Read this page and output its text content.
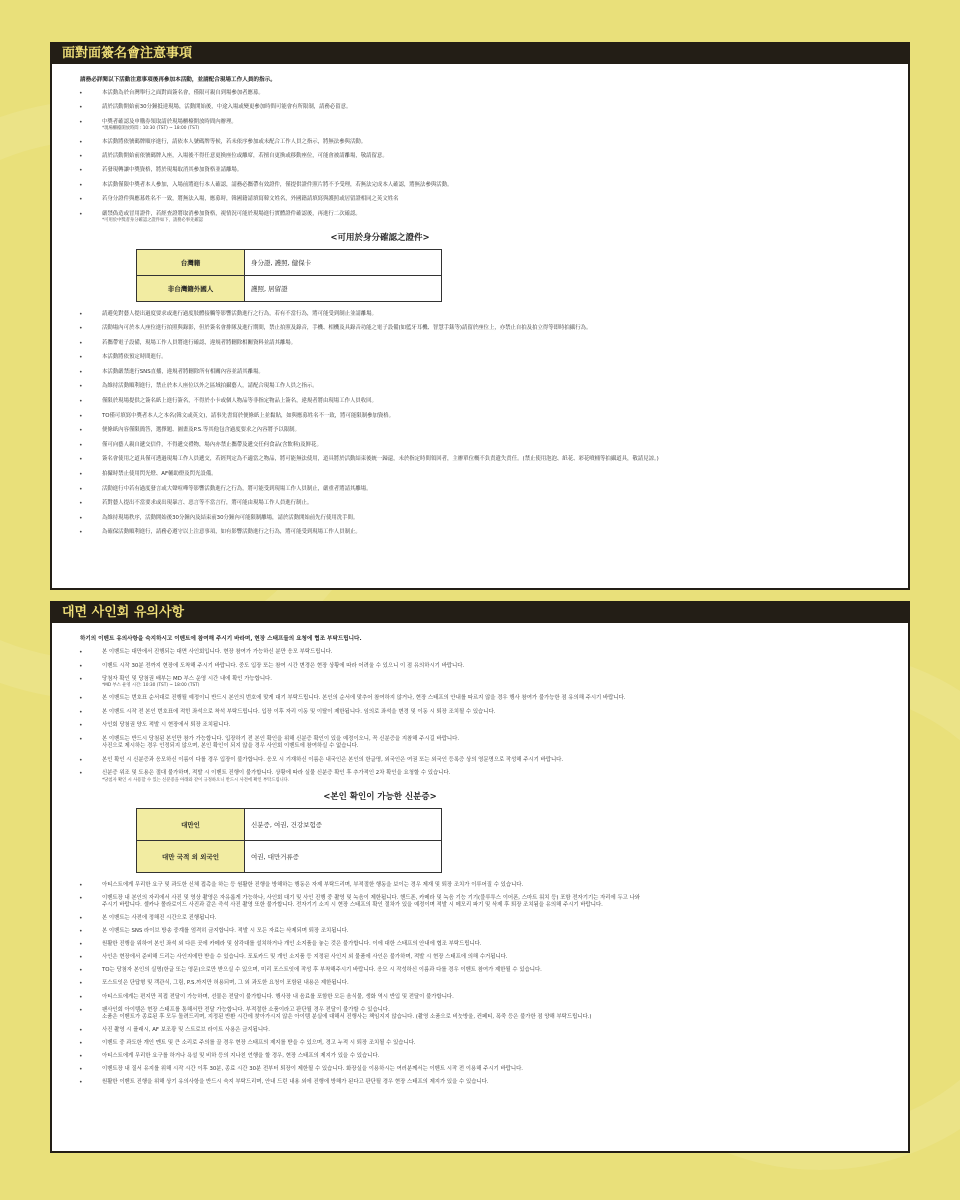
面對面簽名會注意事項

請務必詳閱以下活動注意事項後再參加本活動，並請配合現場工作人員的指示。

• 本活動為於台灣舉行之面對面簽名會，僅限可親自到場參加者應募。
• 請於活動開始前30分鐘抵達現場，活動開始後，中途入場或變更參加時間可能會有所限制，請務必留意。
• 中獎者確認及申購券領取請於現場櫃檯開放時間內辦理。
*現場櫃檯開放時間 : 10:30 (TST) ~ 18:00 (TST)
• 本活動將依號碼牌順序進行，請依本人號碼牌等候，若未依序參加或未配合工作人員之指示，將無法參與活動。
• 請於活動開始前依號碼牌入座，入場後不得任意更換座位或離席，若擅自更換或移動座位，可能會被請離場，敬請留意。
• 若發現轉讓中獎資格，將於現場取消其參加資格並請離場。
• 本活動僅限中獎者本人參加，入場前將進行本人確認，請務必攜帶有效證件，僅提供證件照片將不予受理，若無法完成本人確認，將無法參與活動。
• 若身分證件與應募姓名不一致，將無法入場，應募時，韓國籍請填寫韓文姓名，外國籍請填寫與護照或居留證相同之英文姓名
• 嚴禁偽造或冒用證件，若經查證將取消參加資格，視情況可能於現場進行實體證件確認後，再進行二次確認。
*可用於中獎者身分確認之證件如下，請務必事先確認
<可用於身分確認之證件>
台灣籍	身分證, 護照, 健保卡
非台灣籍外國人	護照, 居留證
• 請避免對藝人提出過度要求或進行過度肢體接觸等影響活動進行之行為，若有不當行為，將可能受到制止並請離場。
• 活動場內可於本人座位進行拍照與錄影，但於簽名會排隊及進行期間，禁止拍照及錄音，手機、相機及具錄音功能之電子設備(如藍牙耳機、智慧手錶等)請留於座位上，亦禁止自拍及拍立得等即時拍攝行為。
• 若攜帶電子設備，現場工作人員將進行確認，違規者將刪除相關資料並請其離場。
• 本活動將依預定時間進行。
• 本活動嚴禁進行SNS直播，違規者將刪除所有相關內容並請其離場。
• 為維持活動順利進行，禁止於本人座位以外之區域拍攝藝人，請配合現場工作人員之指示。
• 僅限於現場提供之簽名紙上進行簽名，不得於小卡或個人物品等非指定物品上簽名，違規者將由現場工作人員收回。
• TO僅可填寫中獎者本人之本名(韓文或英文)，請事先書寫於便條紙上並黏貼，如與應募姓名不一致，將可能限制參加資格。
• 便條紙內容僅限簡答，選擇題、圖畫及P.S.等其他包含過度要求之內容將予以限制。
• 僅可向藝人親自遞交信件，不得遞交禮物，場內亦禁止攜帶及遞交任何食品(含飲料)及鮮花。
• 簽名會使用之道具僅可透過現場工作人員遞交，若經判定為不適當之物品，將可能無法使用，道具將於活動結束後統一歸還，未於指定時間領回者，主辦單位概不負責遺失責任。(禁止使用泡泡、紙花、彩花噴桶等拍攝道具，敬請見諒。)
• 拍攝時禁止使用閃光燈、AF輔助燈及閃光設備。
• 活動進行中若有過度發言或大聲喧嘩等影響活動進行之行為，將可能受到現場工作人員制止，嚴重者將請其離場。
• 若對藝人提出不當要求或出現暴言、惡言等不當言行，將可能由現場工作人員進行制止。
• 為維持現場秩序，活動開始後30分鐘內及結束前30分鐘內可能限制離場，請於活動開始前先行使用洗手間。
• 為確保活動順利進行，請務必遵守以上注意事項，如有影響活動進行之行為，將可能受到現場工作人員制止。
대면 사인회 유의사항

하기의 이벤트 유의사항을 숙지하시고 이벤트에 참여해 주시기 바라며, 현장 스태프들의 요청에 협조 부탁드립니다.

• 본 이벤트는 대만에서 진행되는 대면 사인회입니다. 현장 참여가 가능하신 분만 응모 부탁드립니다.
• 이벤트 시작 30분 전까지 현장에 도착해 주시기 바랍니다. 중도 입장 또는 참여 시간 변경은 현장 상황에 따라 어려울 수 있으니 이 점 유의하시기 바랍니다.
• 당첨자 확인 및 당첨권 배부는 MD 부스 운영 시간 내에 확인 가능합니다.
*MD 부스 운영 시간: 10:30 (TST) ~ 18:00 (TST)
• 본 이벤트는 번호표 순서대로 진행될 예정이니 반드시 본인의 번호에 맞게 대기 부탁드립니다. 본인의 순서에 맞추어 참여하지 않거나, 현장 스태프의 안내를 따르지 않을 경우 행사 참여가 불가능한 점 유의해 주시기 바랍니다.
• 본 이벤트 시작 전 본인 번호표에 적힌 좌석으로 착석 부탁드립니다. 입장 이후 자리 이동 및 이탈이 제한됩니다. 임의로 좌석을 변경 및 이동 시 퇴장 조치될 수 있습니다.
• 사인회 당첨권 양도 적발 시 현장에서 퇴장 조치됩니다.
• 본 이벤트는 반드시 당첨된 본인만 참가 가능합니다. 입장하기 전 본인 확인을 위해 신분증 확인이 있을 예정이오니, 꼭 신분증을 지참해 주시길 바랍니다.
사진으로 제시하는 경우 인정되지 않으며, 본인 확인이 되지 않을 경우 사인회 이벤트에 참여하실 수 없습니다.
• 본인 확인 시 신분증과 응모하신 이름이 다를 경우 입장이 불가합니다. 응모 시 기재하신 이름은 내국인은 본인의 한글명, 외국인은 여권 또는 외국인 등록증 상의 영문명으로 작성해 주시기 바랍니다.
• 신분증 위조 및 도용은 절대 불가하며, 적발 시 이벤트 진행이 불가합니다. 상황에 따라 실물 신분증 확인 후 추가적인 2차 확인을 요청할 수 있습니다.
*당첨자 확인 시 사용할 수 있는 신분증을 아래와 같이 규정하오니 반드시 사전에 확인 부탁드립니다.
<본인 확인이 가능한 신분증>
대만인	신분증, 여권, 건강보험증
대만 국적 외 외국인	여권, 대만거류증
• 아티스트에게 무리한 요구 및 과도한 신체 접촉을 하는 등 원활한 진행을 방해하는 행동은 자제 부탁드리며, 부적절한 행동을 보이는 경우 제재 및 퇴장 조치가 이루어질 수 있습니다.
• 이벤트장 내 본인의 자리에서 사진 및 영상 촬영은 자유롭게 가능하나, 사인회 대기 및 사인 진행 중 촬영 및 녹음이 제한됩니다. 핸드폰, 카메라 및 녹음 기능 기기(블루투스 이어폰, 스마트 워치 등) 포함 전자기기는 자리에 두고 나와
주시기 바랍니다. 셀카나 폴라로이드 사진과 같은 즉석 사진 촬영 또한 불가합니다. 전자기기 소지 시 현장 스태프의 확인 절차가 있을 예정이며 적발 시 메모리 파기 및 삭제 후 퇴장 조치됨을 유의해 주시기 바랍니다.
• 본 이벤트는 사전에 정해진 시간으로 진행됩니다.
• 본 이벤트는 SNS 라이브 방송 중계를 엄격히 금지합니다. 적발 시 모든 자료는 삭제되며 퇴장 조치됩니다.
• 원활한 진행을 위하여 본인 좌석 외 다른 곳에 카메라 및 삼각대를 설치하거나 개인 소지품을 놓는 것은 불가합니다. 이에 대한 스태프의 안내에 협조 부탁드립니다.
• 사인은 현장에서 준비해 드리는 사인지에만 받을 수 있습니다. 포토카드 및 개인 소지품 등 지정된 사인지 외 물품에 사인은 불가하며, 적발 시 현장 스태프에 의해 수거됩니다.
• TO는 당첨자 본인의 실명(한글 또는 영문)으로만 받으실 수 있으며, 미리 포스트잇에 작성 후 부착해주시기 바랍니다. 응모 시 작성하신 이름과 다를 경우 이벤트 참여가 제한될 수 있습니다.
• 포스트잇은 단답형 및 객관식, 그림, P.S.까지만 허용되며, 그 외 과도한 요청이 포함된 내용은 제한됩니다.
• 아티스트에게는 편지만 직접 전달이 가능하며, 선물은 전달이 불가합니다. 행사장 내 음료를 포함한 모든 음식물, 생화 역시 반입 및 전달이 불가합니다.
• 팬사인회 아이템은 현장 스태프를 통해서만 전달 가능합니다. 부적절한 소품이라고 판단될 경우 전달이 불가할 수 있습니다.
소품은 이벤트가 종료된 후 모두 돌려드리며, 지정된 반환 시간에 찾아가시지 않은 아이템 분실에 대해서 진행사는 책임지지 않습니다. (촬영 소품으로 비눗방울, 컨페티, 폭죽 등은 불가한 점 양해 부탁드립니다.)
• 사진 촬영 시 플래시, AF 보조광 및 스트로브 라이트 사용은 금지됩니다.
• 이벤트 중 과도한 개인 멘트 및 큰 소리로 주의를 끌 경우 현장 스태프의 제지를 받을 수 있으며, 경고 누적 시 퇴장 조치될 수 있습니다.
• 아티스트에게 무리한 요구를 하거나 욕설 및 비하 등의 지나친 언행을 할 경우, 현장 스태프의 제지가 있을 수 있습니다.
• 이벤트장 내 질서 유지를 위해 시작 시간 이후 30분, 종료 시간 30분 전부터 퇴장이 제한될 수 있습니다. 화장실을 이용하시는 여러분께서는 이벤트 시작 전 이용해 주시기 바랍니다.
• 원활한 이벤트 진행을 위해 상기 유의사항을 반드시 숙지 부탁드리며, 안내 드린 내용 외에 진행에 방해가 된다고 판단될 경우 현장 스태프의 제지가 있을 수 있습니다.
